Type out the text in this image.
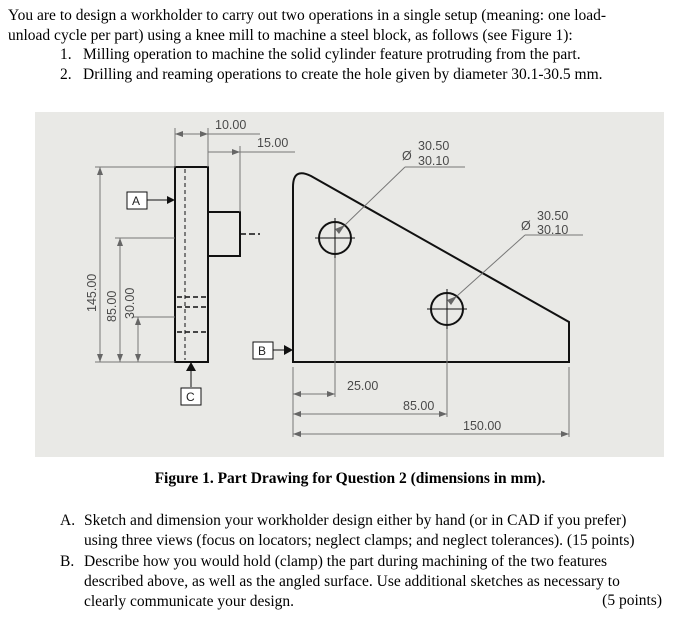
You are to design a workholder to carry out two operations in a single setup (meaning: one load-
unload cycle per part) using a knee mill to machine a steel block, as follows (see Figure 1):
1. Milling operation to machine the solid cylinder feature protruding from the part.
2. Drilling and reaming operations to create the hole given by diameter 30.1-30.5 mm.
A
B
C
10.00
15.00
25.00
85.00
150.00
145.00 85.00 30.00
Ø
30.50
30.10
Ø
30.50
30.10
Figure 1. Part Drawing for Question 2 (dimensions in mm).
A. Sketch and dimension your workholder design either by hand (or in CAD if you prefer)
using three views (focus on locators; neglect clamps; and neglect tolerances). (15 points)
B. Describe how you would hold (clamp) the part during machining of the two features
described above, as well as the angled surface. Use additional sketches as necessary to
clearly communicate your design.	(5 points)
